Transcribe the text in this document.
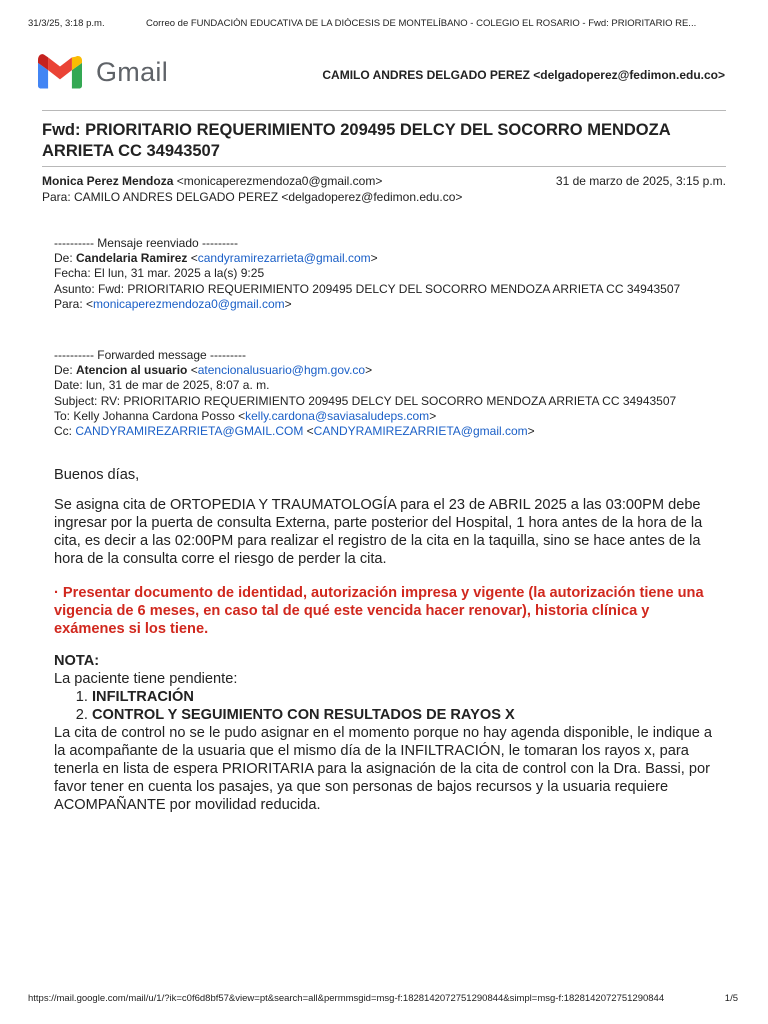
31/3/25, 3:18 p.m.	Correo de FUNDACIÓN EDUCATIVA DE LA DIÓCESIS DE MONTELÍBANO - COLEGIO EL ROSARIO - Fwd: PRIORITARIO RE...
Gmail	CAMILO ANDRES DELGADO PEREZ <delgadoperez@fedimon.edu.co>
Fwd: PRIORITARIO REQUERIMIENTO 209495 DELCY DEL SOCORRO MENDOZA ARRIETA CC 34943507
Monica Perez Mendoza <monicaperezmendoza0@gmail.com>	31 de marzo de 2025, 3:15 p.m.
Para: CAMILO ANDRES DELGADO PEREZ <delgadoperez@fedimon.edu.co>
---------- Mensaje reenviado ---------
De: Candelaria Ramirez <candyramirezarrieta@gmail.com>
Fecha: El lun, 31 mar. 2025 a la(s) 9:25
Asunto: Fwd: PRIORITARIO REQUERIMIENTO 209495 DELCY DEL SOCORRO MENDOZA ARRIETA CC 34943507
Para: <monicaperezmendoza0@gmail.com>
---------- Forwarded message ---------
De: Atencion al usuario <atencionalusuario@hgm.gov.co>
Date: lun, 31 de mar de 2025, 8:07 a. m.
Subject: RV: PRIORITARIO REQUERIMIENTO 209495 DELCY DEL SOCORRO MENDOZA ARRIETA CC 34943507
To: Kelly Johanna Cardona Posso <kelly.cardona@saviasaludeps.com>
Cc: CANDYRAMIREZARRIETA@GMAIL.COM <CANDYRAMIREZARRIETA@gmail.com>
Buenos días,
Se asigna cita de ORTOPEDIA Y TRAUMATOLOGÍA para el 23 de ABRIL 2025 a las 03:00PM debe ingresar por la puerta de consulta Externa, parte posterior del Hospital, 1 hora antes de la hora de la cita, es decir a las 02:00PM para realizar el registro de la cita en la taquilla, sino se hace antes de la hora de la consulta corre el riesgo de perder la cita.
· Presentar documento de identidad, autorización impresa y vigente (la autorización tiene una vigencia de 6 meses, en caso tal de qué este vencida hacer renovar), historia clínica y exámenes si los tiene.
NOTA:
La paciente tiene pendiente:
1. INFILTRACIÓN
2. CONTROL Y SEGUIMIENTO CON RESULTADOS DE RAYOS X
La cita de control no se le pudo asignar en el momento porque no hay agenda disponible, le indique a la acompañante de la usuaria que el mismo día de la INFILTRACIÓN, le tomaran los rayos x, para tenerla en lista de espera PRIORITARIA para la asignación de la cita de control con la Dra. Bassi, por favor tener en cuenta los pasajes, ya que son personas de bajos recursos y la usuaria requiere ACOMPAÑANTE por movilidad reducida.
https://mail.google.com/mail/u/1/?ik=c0f6d8bf57&view=pt&search=all&permmsgid=msg-f:1828142072751290844&simpl=msg-f:1828142072751290844	1/5
